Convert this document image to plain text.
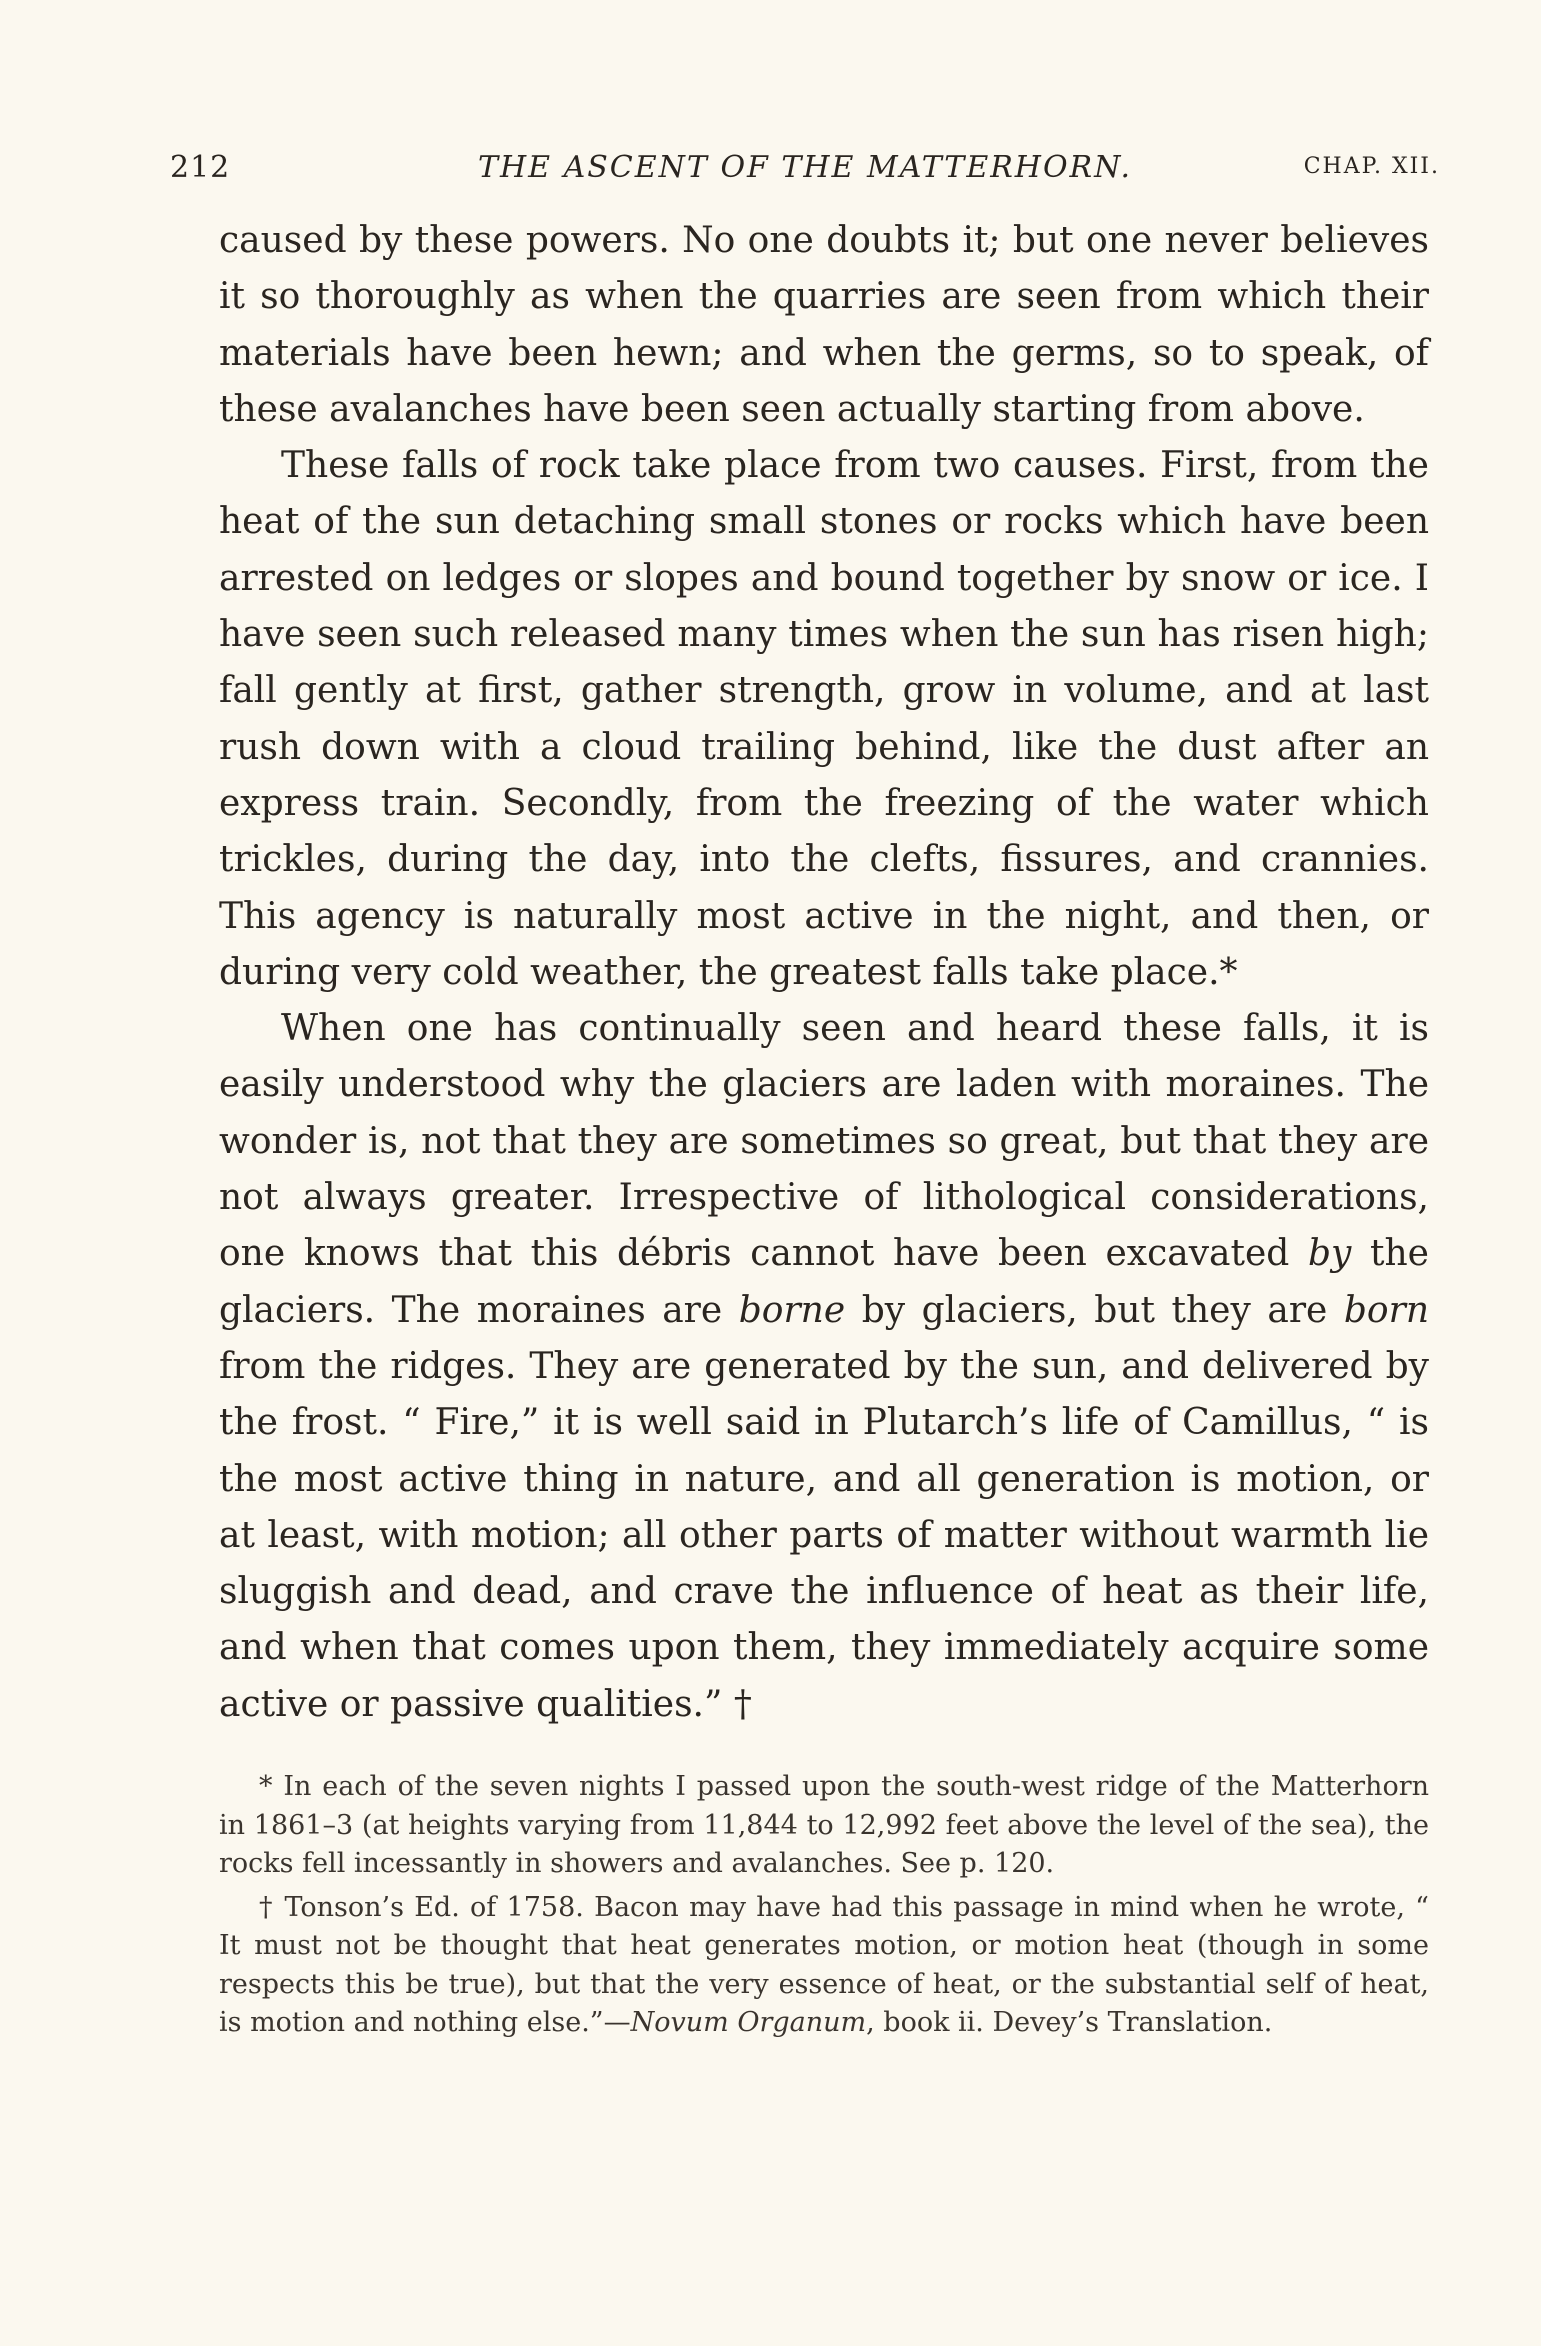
212	THE ASCENT OF THE MATTERHORN.	CHAP. XII.

caused by these powers. No one doubts it; but one never believes it so thoroughly as when the quarries are seen from which their materials have been hewn; and when the germs, so to speak, of these avalanches have been seen actually starting from above.

These falls of rock take place from two causes. First, from the heat of the sun detaching small stones or rocks which have been arrested on ledges or slopes and bound together by snow or ice. I have seen such released many times when the sun has risen high; fall gently at first, gather strength, grow in volume, and at last rush down with a cloud trailing behind, like the dust after an express train. Secondly, from the freezing of the water which trickles, during the day, into the clefts, fissures, and crannies. This agency is naturally most active in the night, and then, or during very cold weather, the greatest falls take place.*

When one has continually seen and heard these falls, it is easily understood why the glaciers are laden with moraines. The wonder is, not that they are sometimes so great, but that they are not always greater. Irrespective of lithological considerations, one knows that this débris cannot have been excavated by the glaciers. The moraines are borne by glaciers, but they are born from the ridges. They are generated by the sun, and delivered by the frost. “ Fire,” it is well said in Plutarch’s life of Camillus, “ is the most active thing in nature, and all generation is motion, or at least, with motion; all other parts of matter without warmth lie sluggish and dead, and crave the influence of heat as their life, and when that comes upon them, they immediately acquire some active or passive qualities.” †

* In each of the seven nights I passed upon the south-west ridge of the Matterhorn in 1861–3 (at heights varying from 11,844 to 12,992 feet above the level of the sea), the rocks fell incessantly in showers and avalanches. See p. 120.

† Tonson’s Ed. of 1758. Bacon may have had this passage in mind when he wrote, “ It must not be thought that heat generates motion, or motion heat (though in some respects this be true), but that the very essence of heat, or the substantial self of heat, is motion and nothing else.”—Novum Organum, book ii. Devey’s Translation.
